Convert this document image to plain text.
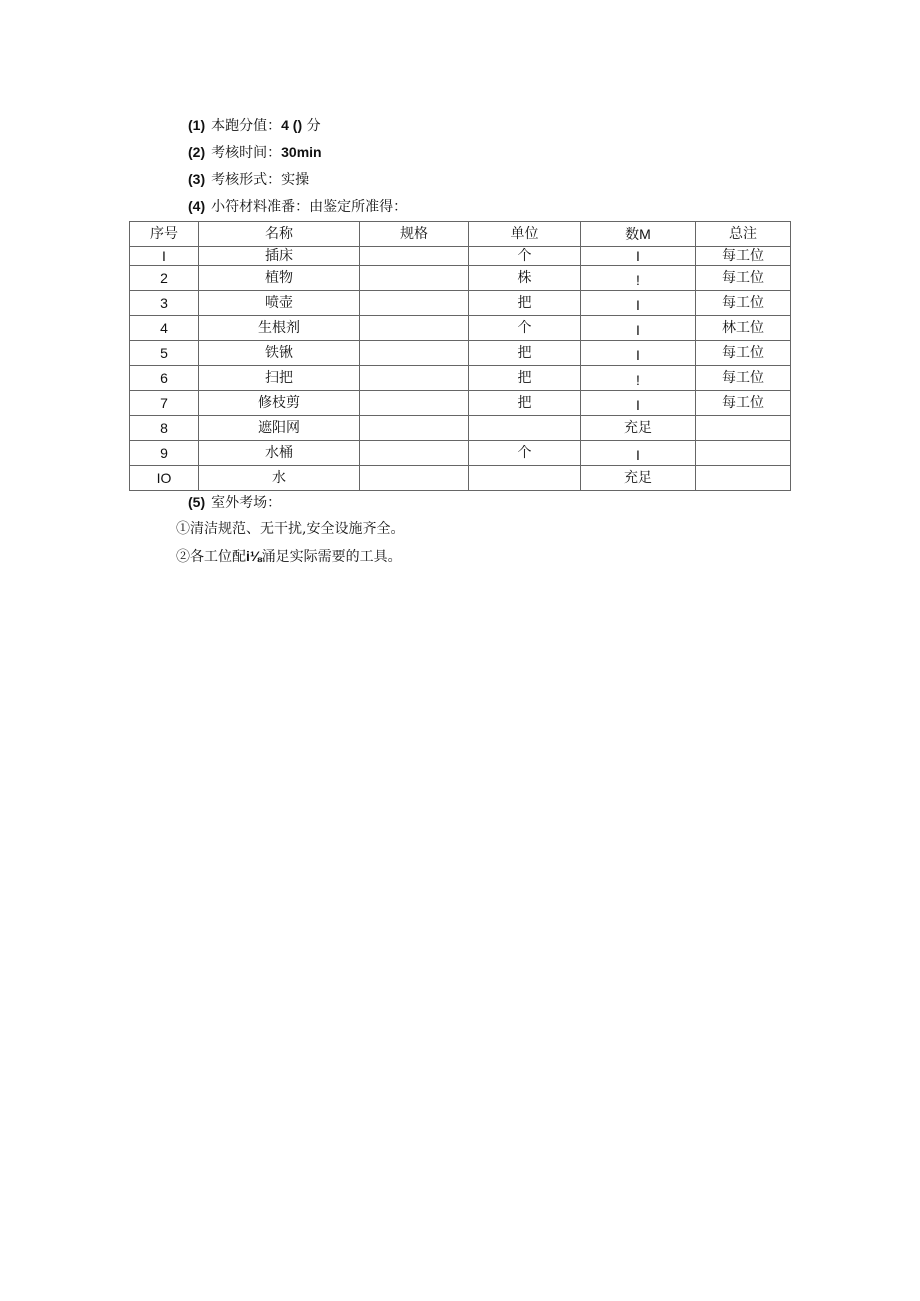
(1) 本跑分值：4 () 分
(2) 考核时间：30min
(3) 考核形式：实操
(4) 小符材料准番：由鉴定所准得：
序号	名称	规格	单位	数M	总注
I	插床		个	I	每工位
2	植物		株	!	每工位
3	喷壶		把	I	每工位
4	生根剂		个	I	林工位
5	铁锹		把	I	每工位
6	扫把		把	!	每工位
7	修枝剪		把	I	每工位
8	遮阳网			充足	
9	水桶		个	I	
IO	水			充足	
(5) 室外考场：
①清洁规范、无干扰,安全设施齐全。
②各工位配i⅛涌足实际需要的工具。
